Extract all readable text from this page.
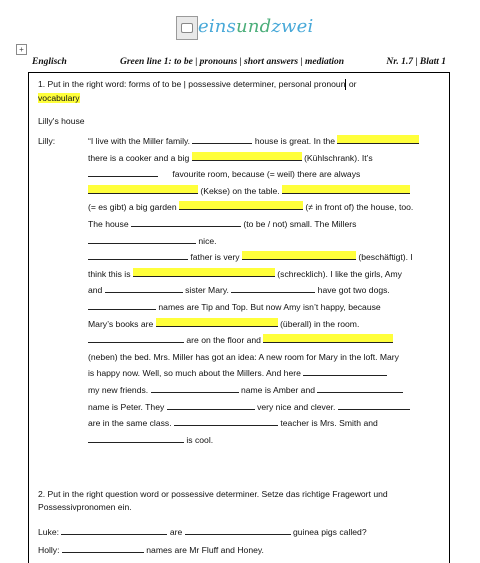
einsundzwei
+
Englisch	Green line 1: to be | pronouns | short answers | mediation	Nr. 1.7 | Blatt 1
1. Put in the right word: forms of to be | possessive determiner, personal pronoun or
vocabulary
Lilly's house
Lilly:	“I live with the Miller family.	house is great. In the
there is a cooker and a big	(Kühlschrank). It’s
favourite room, because (= weil) there are always
(Kekse) on the table.
(= es gibt) a big garden	(≠ in front of) the house, too.
The house	(to be / not) small. The Millers
nice.
father is very	(beschäftigt). I
think this is	(schrecklich). I like the girls, Amy
and	sister Mary.	have got two dogs.
names are Tip and Top. But now Amy isn’t happy, because
Mary’s books are	(überall) in the room.
are on the floor and
(neben) the bed. Mrs. Miller has got an idea: A new room for Mary in the loft. Mary
is happy now. Well, so much about the Millers. And here
my new friends.	name is Amber and
name is Peter. They	very nice and clever.
are in the same class.	teacher is Mrs. Smith and
is cool.
2. Put in the right question word or possessive determiner. Setze das richtige Fragewort und
Possessivpronomen ein.
Luke:	are	guinea pigs called?
Holly:	names are Mr Fluff and Honey.
